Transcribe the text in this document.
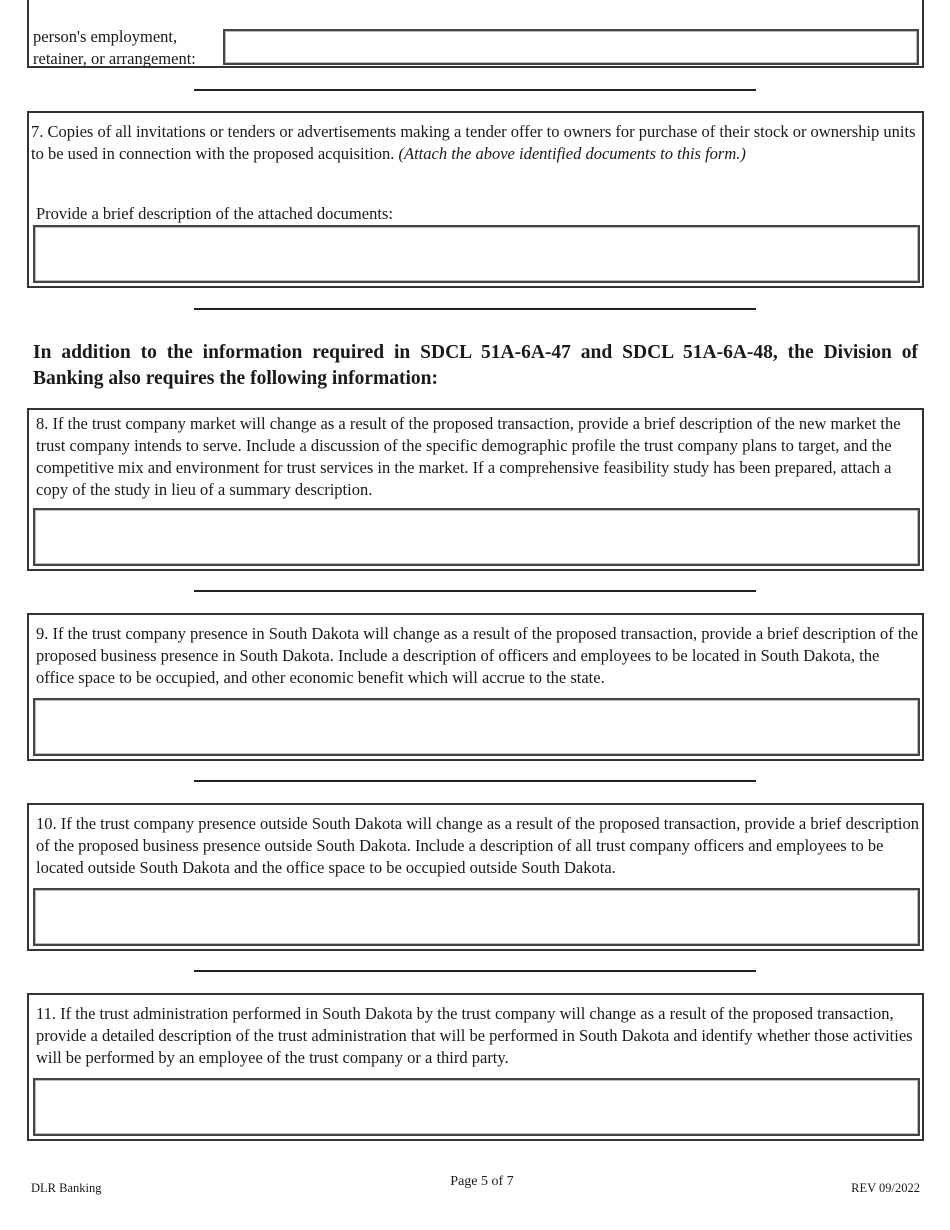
person's employment,
retainer, or arrangement:

7. Copies of all invitations or tenders or advertisements making a tender offer to owners for purchase of their stock or ownership units to be used in connection with the proposed acquisition. (Attach the above identified documents to this form.)

Provide a brief description of the attached documents:

In addition to the information required in SDCL 51A-6A-47 and SDCL 51A-6A-48, the Division of Banking also requires the following information:

8. If the trust company market will change as a result of the proposed transaction, provide a brief description of the new market the trust company intends to serve. Include a discussion of the specific demographic profile the trust company plans to target, and the competitive mix and environment for trust services in the market. If a comprehensive feasibility study has been prepared, attach a copy of the study in lieu of a summary description.

9. If the trust company presence in South Dakota will change as a result of the proposed transaction, provide a brief description of the proposed business presence in South Dakota. Include a description of officers and employees to be located in South Dakota, the office space to be occupied, and other economic benefit which will accrue to the state.

10. If the trust company presence outside South Dakota will change as a result of the proposed transaction, provide a brief description of the proposed business presence outside South Dakota. Include a description of all trust company officers and employees to be located outside South Dakota and the office space to be occupied outside South Dakota.

11. If the trust administration performed in South Dakota by the trust company will change as a result of the proposed transaction, provide a detailed description of the trust administration that will be performed in South Dakota and identify whether those activities will be performed by an employee of the trust company or a third party.

DLR Banking	Page 5 of 7	REV 09/2022
